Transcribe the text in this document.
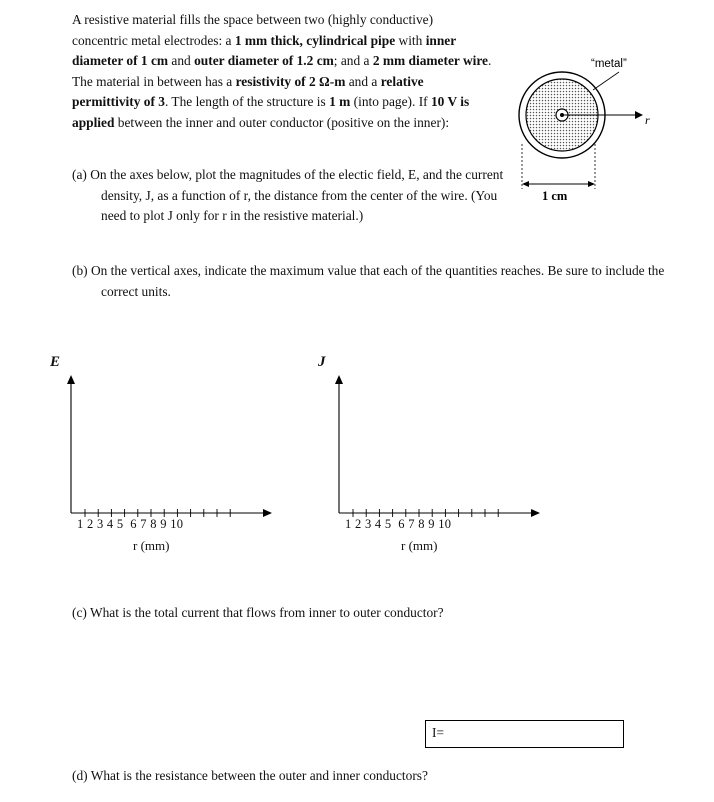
A resistive material fills the space between two (highly conductive) concentric metal electrodes: a 1 mm thick, cylindrical pipe with inner diameter of 1 cm and outer diameter of 1.2 cm; and a 2 mm diameter wire. The material in between has a resistivity of 2 Ω-m and a relative permittivity of 3. The length of the structure is 1 m (into page). If 10 V is applied between the inner and outer conductor (positive on the inner):	r
“metal”
1 cm

(a) On the axes below, plot the magnitudes of the electic field, E, and the current density, J, as a function of r, the distance from the center of the wire. (You need to plot J only for r in the resistive material.)

(b) On the vertical axes, indicate the maximum value that each of the quantities reaches. Be sure to include the correct units.

E
1 2 3 4 5  6 7 8 9 10
r (mm)
J
1 2 3 4 5  6 7 8 9 10
r (mm)

(c) What is the total current that flows from inner to outer conductor?

I=

(d) What is the resistance between the outer and inner conductors?
